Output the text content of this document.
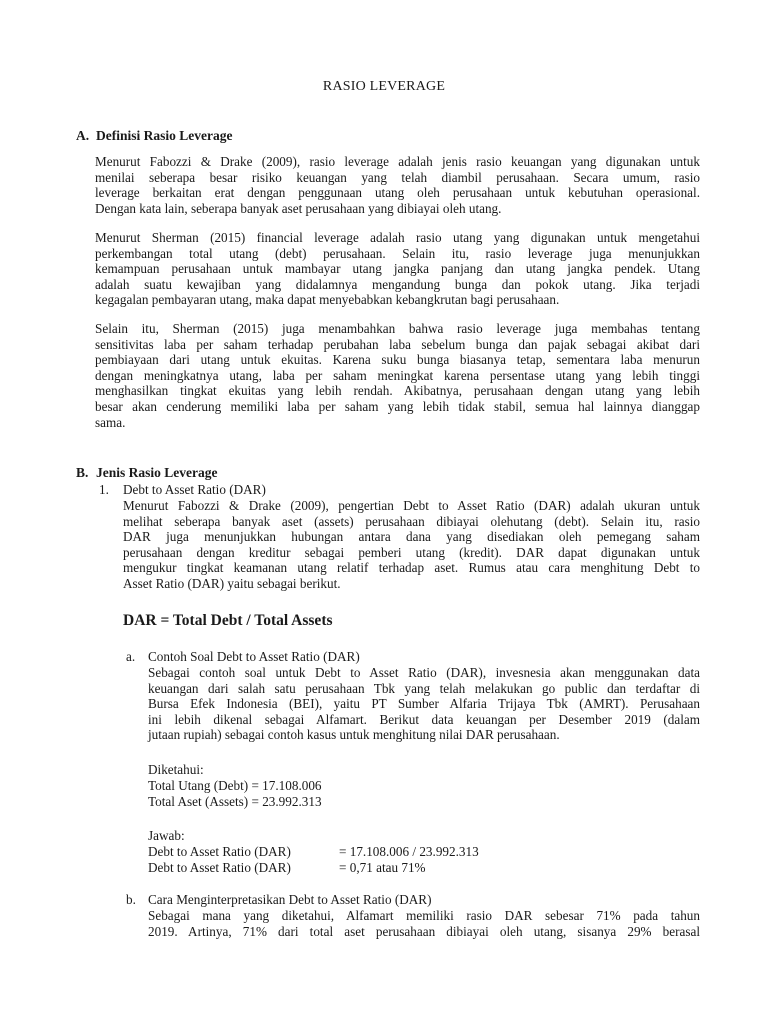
RASIO LEVERAGE
A. Definisi Rasio Leverage
Menurut Fabozzi & Drake (2009), rasio leverage adalah jenis rasio keuangan yang digunakan untuk
menilai seberapa besar risiko keuangan yang telah diambil perusahaan. Secara umum, rasio
leverage berkaitan erat dengan penggunaan utang oleh perusahaan untuk kebutuhan operasional.
Dengan kata lain, seberapa banyak aset perusahaan yang dibiayai oleh utang.
Menurut Sherman (2015) financial leverage adalah rasio utang yang digunakan untuk mengetahui
perkembangan total utang (debt) perusahaan. Selain itu, rasio leverage juga menunjukkan
kemampuan perusahaan untuk mambayar utang jangka panjang dan utang jangka pendek. Utang
adalah suatu kewajiban yang didalamnya mengandung bunga dan pokok utang. Jika terjadi
kegagalan pembayaran utang, maka dapat menyebabkan kebangkrutan bagi perusahaan.
Selain itu, Sherman (2015) juga menambahkan bahwa rasio leverage juga membahas tentang
sensitivitas laba per saham terhadap perubahan laba sebelum bunga dan pajak sebagai akibat dari
pembiayaan dari utang untuk ekuitas. Karena suku bunga biasanya tetap, sementara laba menurun
dengan meningkatnya utang, laba per saham meningkat karena persentase utang yang lebih tinggi
menghasilkan tingkat ekuitas yang lebih rendah. Akibatnya, perusahaan dengan utang yang lebih
besar akan cenderung memiliki laba per saham yang lebih tidak stabil, semua hal lainnya dianggap
sama.
B. Jenis Rasio Leverage
1. Debt to Asset Ratio (DAR)
Menurut Fabozzi & Drake (2009), pengertian Debt to Asset Ratio (DAR) adalah ukuran untuk
melihat seberapa banyak aset (assets) perusahaan dibiayai olehutang (debt). Selain itu, rasio
DAR juga menunjukkan hubungan antara dana yang disediakan oleh pemegang saham
perusahaan dengan kreditur sebagai pemberi utang (kredit). DAR dapat digunakan untuk
mengukur tingkat keamanan utang relatif terhadap aset. Rumus atau cara menghitung Debt to
Asset Ratio (DAR) yaitu sebagai berikut.
DAR = Total Debt / Total Assets
a. Contoh Soal Debt to Asset Ratio (DAR)
Sebagai contoh soal untuk Debt to Asset Ratio (DAR), invesnesia akan menggunakan data
keuangan dari salah satu perusahaan Tbk yang telah melakukan go public dan terdaftar di
Bursa Efek Indonesia (BEI), yaitu PT Sumber Alfaria Trijaya Tbk (AMRT). Perusahaan
ini lebih dikenal sebagai Alfamart. Berikut data keuangan per Desember 2019 (dalam
jutaan rupiah) sebagai contoh kasus untuk menghitung nilai DAR perusahaan.
Diketahui:
Total Utang (Debt) = 17.108.006
Total Aset (Assets) = 23.992.313
Jawab:
Debt to Asset Ratio (DAR)	= 17.108.006 / 23.992.313
Debt to Asset Ratio (DAR)	= 0,71 atau 71%
b. Cara Menginterpretasikan Debt to Asset Ratio (DAR)
Sebagai mana yang diketahui, Alfamart memiliki rasio DAR sebesar 71% pada tahun
2019. Artinya, 71% dari total aset perusahaan dibiayai oleh utang, sisanya 29% berasal
